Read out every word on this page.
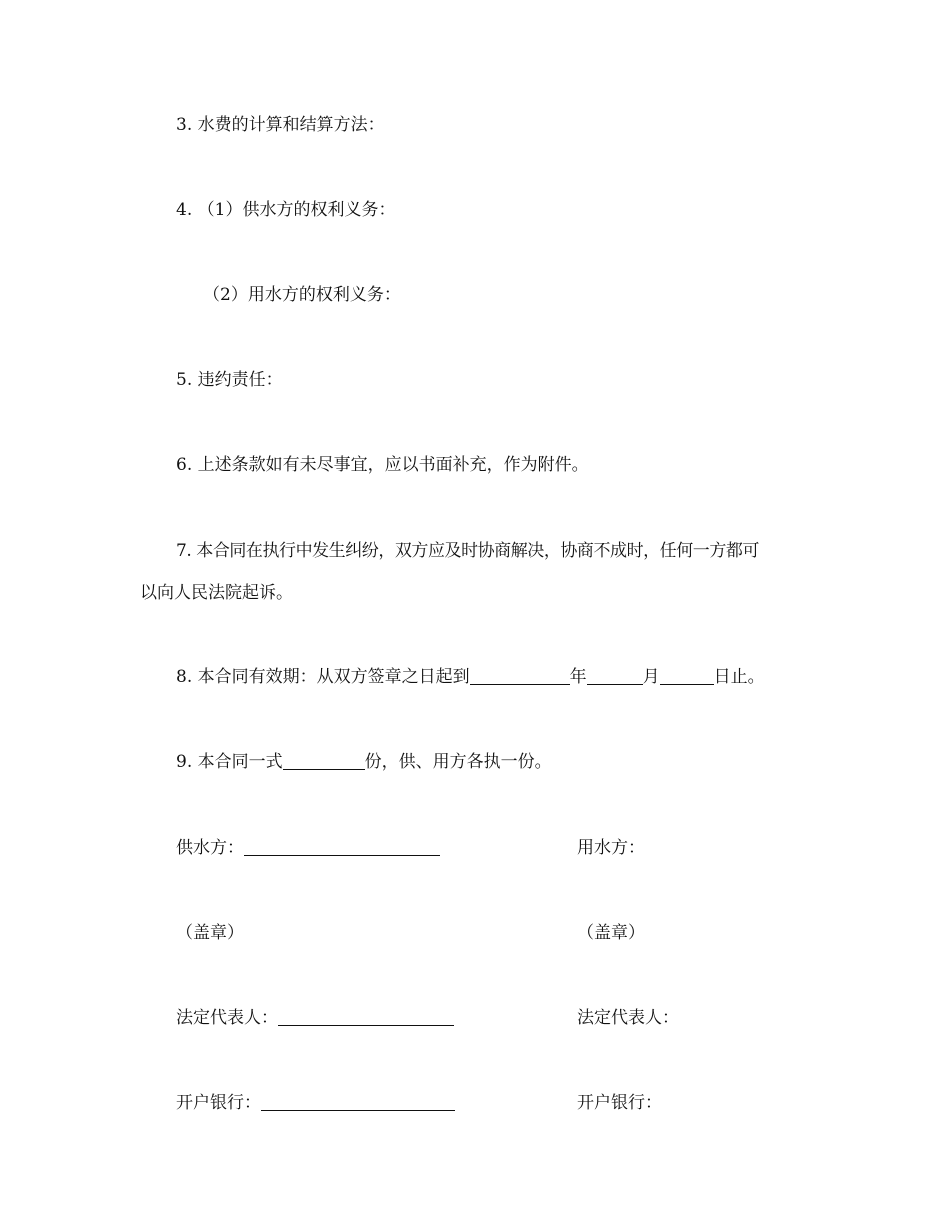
3. 水费的计算和结算方法：
4. （1）供水方的权利义务：
（2）用水方的权利义务：
5. 违约责任：
6. 上述条款如有未尽事宜，应以书面补充，作为附件。
7. 本合同在执行中发生纠纷，双方应及时协商解决，协商不成时，任何一方都可
以向人民法院起诉。
8. 本合同有效期：从双方签章之日起到	年	月	日止。
9. 本合同一式	份，供、用方各执一份。
供水方：	用水方：
（盖章）	（盖章）
法定代表人：	法定代表人：
开户银行：	开户银行：
